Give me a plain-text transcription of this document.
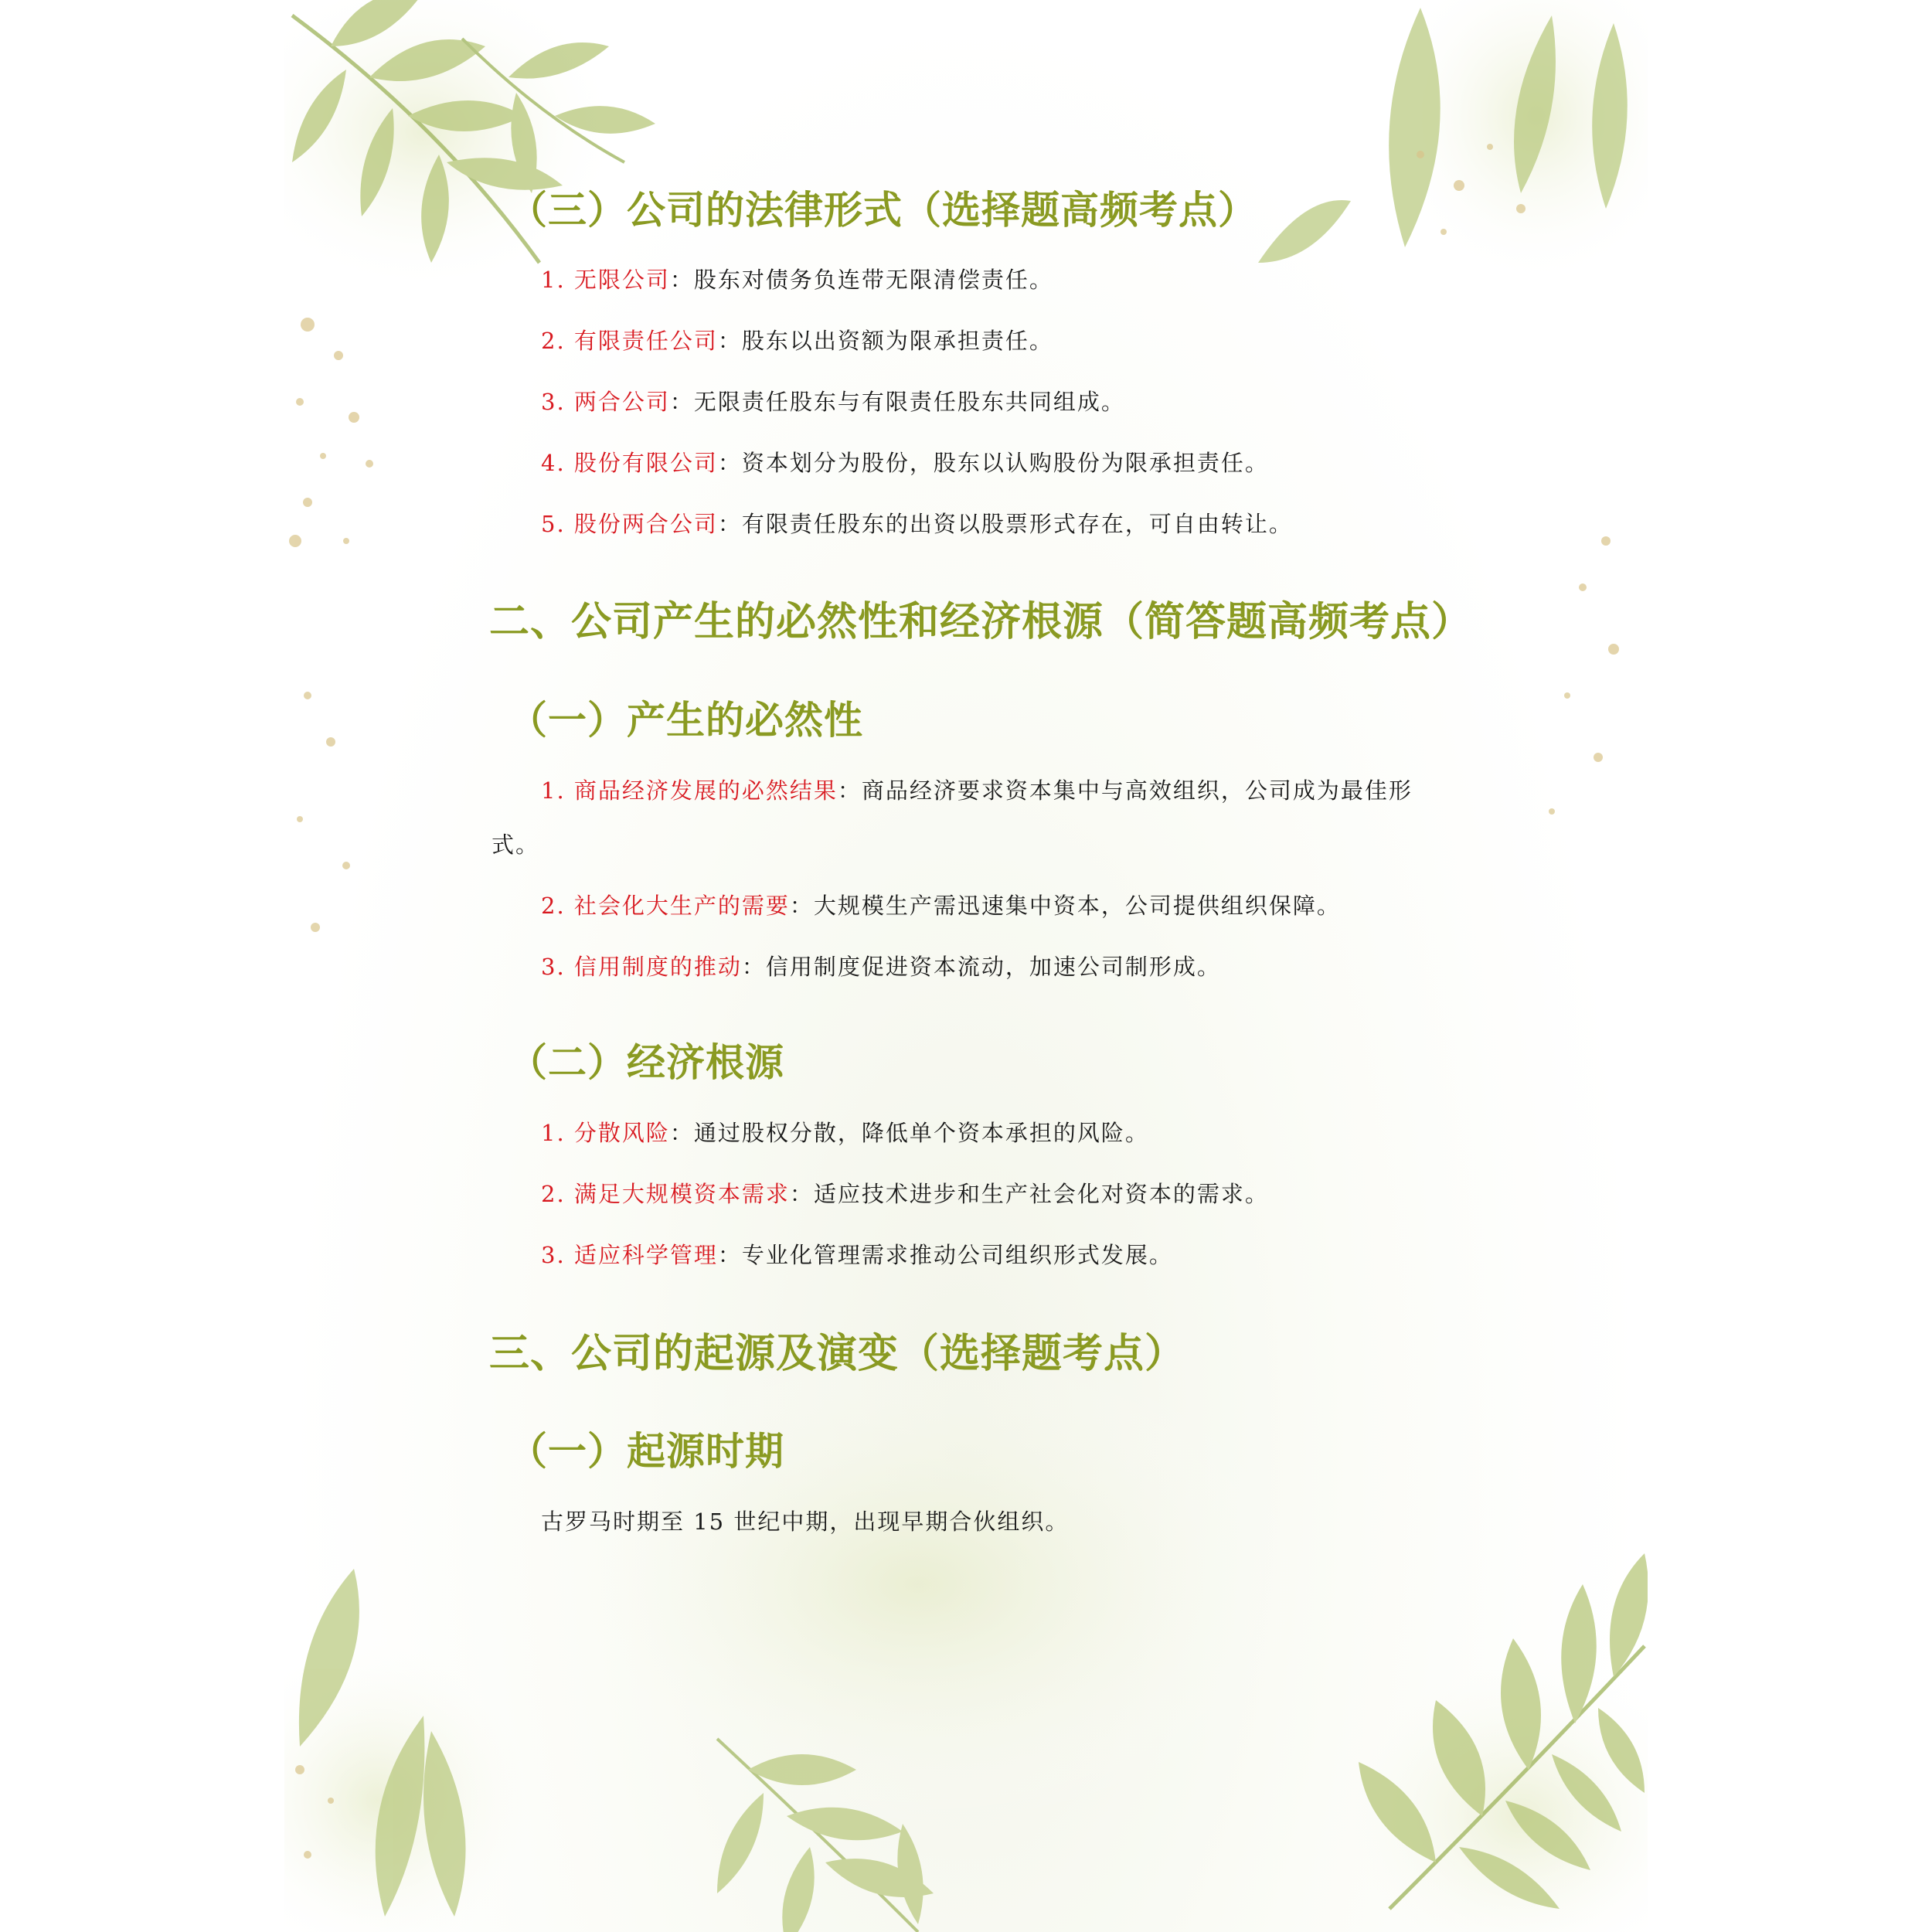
（三）公司的法律形式（选择题高频考点）
1. 无限公司：股东对债务负连带无限清偿责任。
2. 有限责任公司：股东以出资额为限承担责任。
3. 两合公司：无限责任股东与有限责任股东共同组成。
4. 股份有限公司：资本划分为股份，股东以认购股份为限承担责任。
5. 股份两合公司：有限责任股东的出资以股票形式存在，可自由转让。
二、公司产生的必然性和经济根源（简答题高频考点）
（一）产生的必然性
1. 商品经济发展的必然结果：商品经济要求资本集中与高效组织，公司成为最佳形
式。
2. 社会化大生产的需要：大规模生产需迅速集中资本，公司提供组织保障。
3. 信用制度的推动：信用制度促进资本流动，加速公司制形成。
（二）经济根源
1. 分散风险：通过股权分散，降低单个资本承担的风险。
2. 满足大规模资本需求：适应技术进步和生产社会化对资本的需求。
3. 适应科学管理：专业化管理需求推动公司组织形式发展。
三、公司的起源及演变（选择题考点）
（一）起源时期
古罗马时期至 15 世纪中期，出现早期合伙组织。
